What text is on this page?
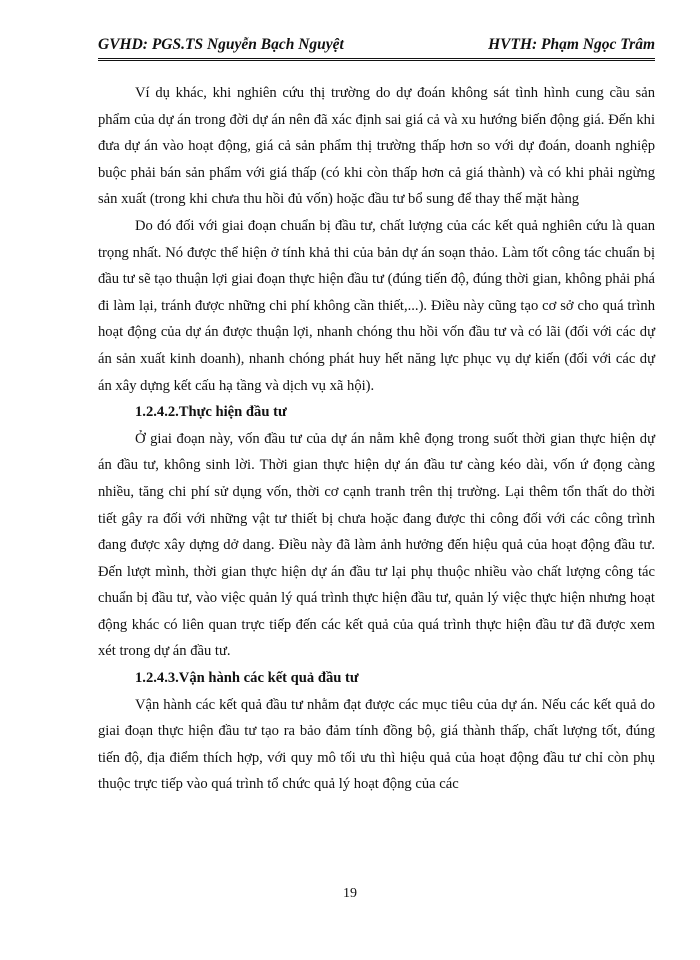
GVHD: PGS.TS Nguyễn Bạch Nguyệt	HVTH: Phạm Ngọc Trâm

Ví dụ khác, khi nghiên cứu thị trường do dự đoán không sát tình hình cung cầu sản phẩm của dự án trong đời dự án nên đã xác định sai giá cả và xu hướng biến động giá. Đến khi đưa dự án vào hoạt động, giá cả sản phẩm thị trường thấp hơn so với dự đoán, doanh nghiệp buộc phải bán sản phẩm với giá thấp (có khi còn thấp hơn cả giá thành) và có khi phải ngừng sản xuất (trong khi chưa thu hồi đủ vốn) hoặc đầu tư bổ sung để thay thế mặt hàng

Do đó đối với giai đoạn chuẩn bị đầu tư, chất lượng của các kết quả nghiên cứu là quan trọng nhất. Nó được thể hiện ở tính khả thi của bản dự án soạn thảo. Làm tốt công tác chuẩn bị đầu tư sẽ tạo thuận lợi giai đoạn thực hiện đầu tư (đúng tiến độ, đúng thời gian, không phải phá đi làm lại, tránh được những chi phí không cần thiết,...). Điều này cũng tạo cơ sở cho quá trình hoạt động của dự án được thuận lợi, nhanh chóng thu hồi vốn đầu tư và có lãi (đối với các dự án sản xuất kinh doanh), nhanh chóng phát huy hết năng lực phục vụ dự kiến (đối với các dự án xây dựng kết cấu hạ tầng và dịch vụ xã hội).

1.2.4.2.Thực hiện đầu tư

Ở giai đoạn này, vốn đầu tư của dự án nằm khê đọng trong suốt thời gian thực hiện dự án đầu tư, không sinh lời. Thời gian thực hiện dự án đầu tư càng kéo dài, vốn ứ đọng càng nhiều, tăng chi phí sử dụng vốn, thời cơ cạnh tranh trên thị trường. Lại thêm tổn thất do thời tiết gây ra đối với những vật tư thiết bị chưa hoặc đang được thi công đối với các công trình đang được xây dựng dở dang. Điều này đã làm ảnh hưởng đến hiệu quả của hoạt động đầu tư. Đến lượt mình, thời gian thực hiện dự án đầu tư lại phụ thuộc nhiều vào chất lượng công tác chuẩn bị đầu tư, vào việc quản lý quá trình thực hiện đầu tư, quản lý việc thực hiện nhưng hoạt động khác có liên quan trực tiếp đến các kết quả của quá trình thực hiện đầu tư đã được xem xét trong dự án đầu tư.

1.2.4.3.Vận hành các kết quả đầu tư

Vận hành các kết quả đầu tư nhằm đạt được các mục tiêu của dự án. Nếu các kết quả do giai đoạn thực hiện đầu tư tạo ra bảo đảm tính đồng bộ, giá thành thấp, chất lượng tốt, đúng tiến độ, địa điểm thích hợp, với quy mô tối ưu thì hiệu quả của hoạt động đầu tư chỉ còn phụ thuộc trực tiếp vào quá trình tổ chức quả lý hoạt động của các

19
